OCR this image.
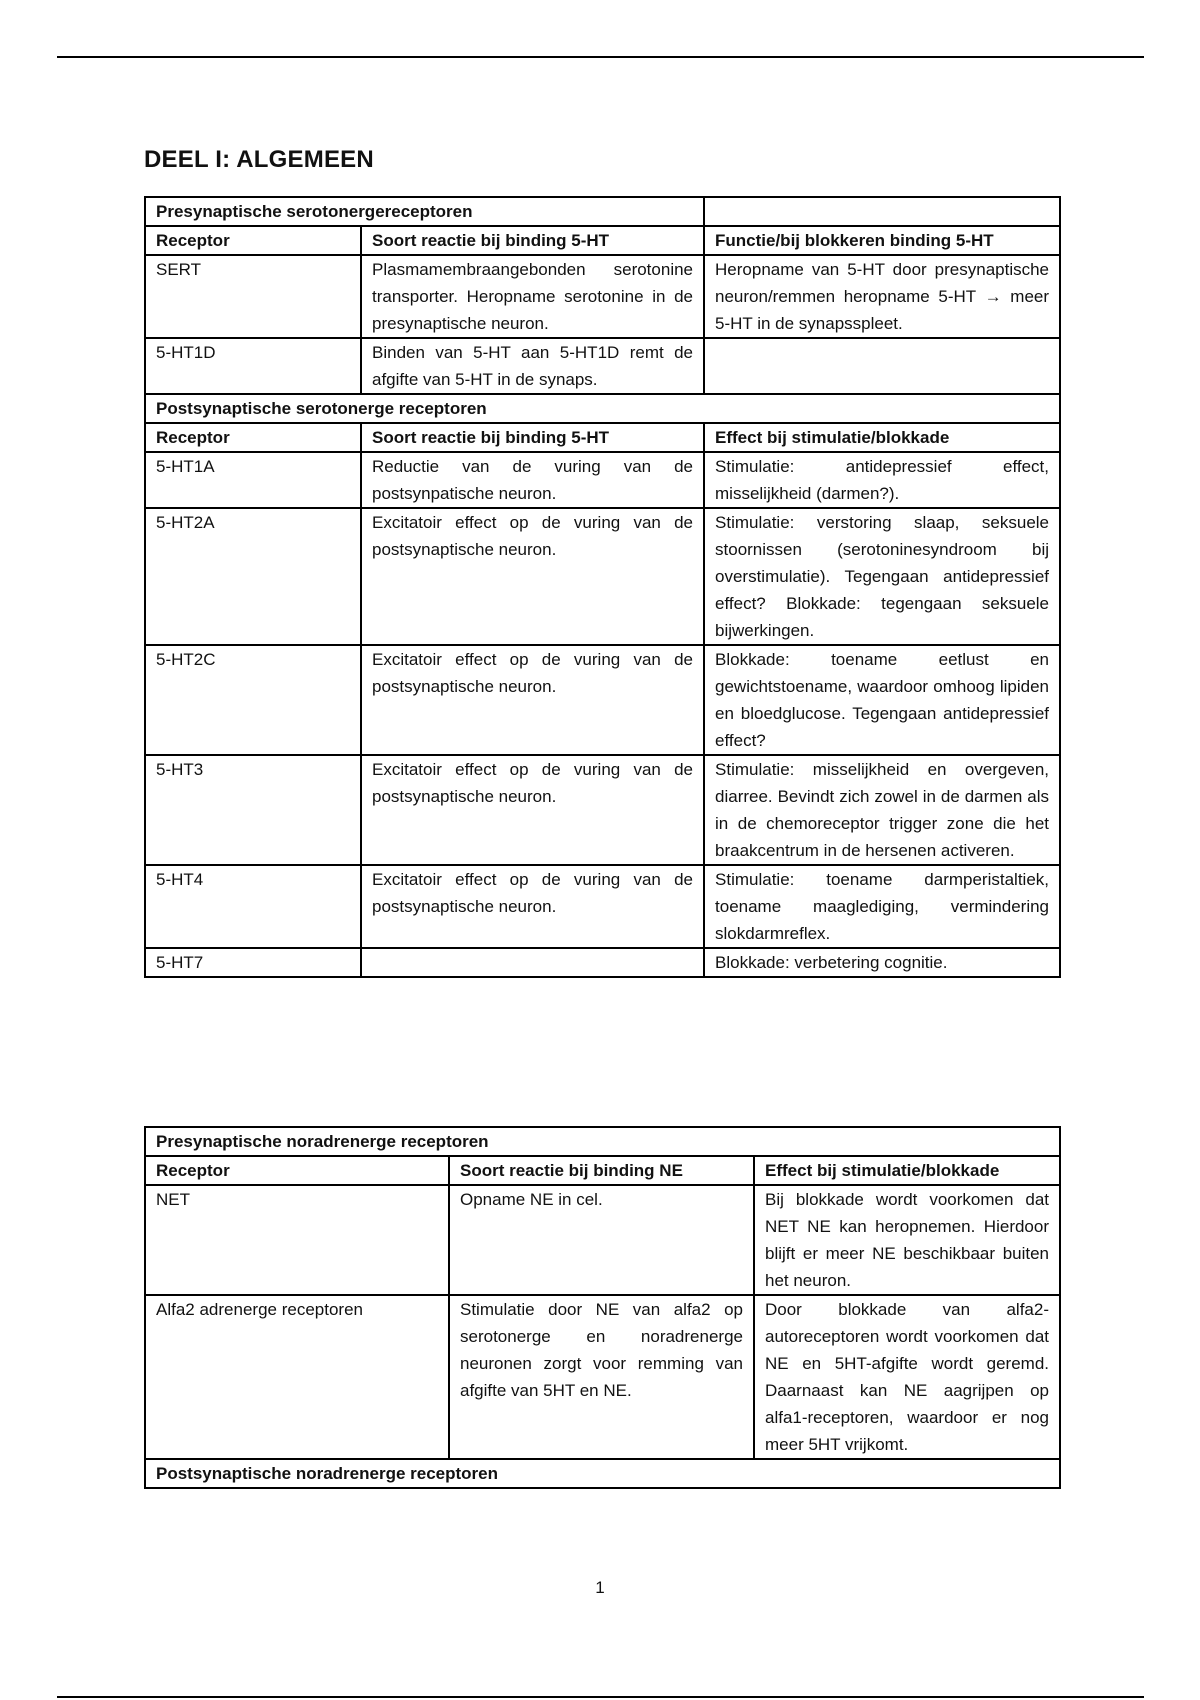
DEEL I: ALGEMEEN
Presynaptische serotonergereceptoren		
Receptor	Soort reactie bij binding 5-HT	Functie/bij blokkeren binding 5-HT
SERT	Plasmamembraangebonden serotonine transporter. Heropname serotonine in de presynaptische neuron.	Heropname van 5-HT door presynaptische neuron/remmen heropname 5-HT → meer 5-HT in de synapsspleet.
5-HT1D	Binden van 5-HT aan 5-HT1D remt de afgifte van 5-HT in de synaps.	
Postsynaptische serotonerge receptoren		
Receptor	Soort reactie bij binding 5-HT	Effect bij stimulatie/blokkade
5-HT1A	Reductie van de vuring van de postsynpatische neuron.	Stimulatie: antidepressief effect, misselijkheid (darmen?).
5-HT2A	Excitatoir effect op de vuring van de postsynaptische neuron.	Stimulatie: verstoring slaap, seksuele stoornissen (serotoninesyndroom bij overstimulatie). Tegengaan antidepressief effect? Blokkade: tegengaan seksuele bijwerkingen.
5-HT2C	Excitatoir effect op de vuring van de postsynaptische neuron.	Blokkade: toename eetlust en gewichtstoename, waardoor omhoog lipiden en bloedglucose. Tegengaan antidepressief effect?
5-HT3	Excitatoir effect op de vuring van de postsynaptische neuron.	Stimulatie: misselijkheid en overgeven, diarree. Bevindt zich zowel in de darmen als in de chemoreceptor trigger zone die het braakcentrum in de hersenen activeren.
5-HT4	Excitatoir effect op de vuring van de postsynaptische neuron.	Stimulatie: toename darmperistaltiek, toename maaglediging, vermindering slokdarmreflex.
5-HT7		Blokkade: verbetering cognitie.
Presynaptische noradrenerge receptoren		
Receptor	Soort reactie bij binding NE	Effect bij stimulatie/blokkade
NET	Opname NE in cel.	Bij blokkade wordt voorkomen dat NET NE kan heropnemen. Hierdoor blijft er meer NE beschikbaar buiten het neuron.
Alfa2 adrenerge receptoren	Stimulatie door NE van alfa2 op serotonerge en noradrenerge neuronen zorgt voor remming van afgifte van 5HT en NE.	Door blokkade van alfa2-autoreceptoren wordt voorkomen dat NE en 5HT-afgifte wordt geremd. Daarnaast kan NE aagrijpen op alfa1-receptoren, waardoor er nog meer 5HT vrijkomt.
Postsynaptische noradrenerge receptoren		
1
